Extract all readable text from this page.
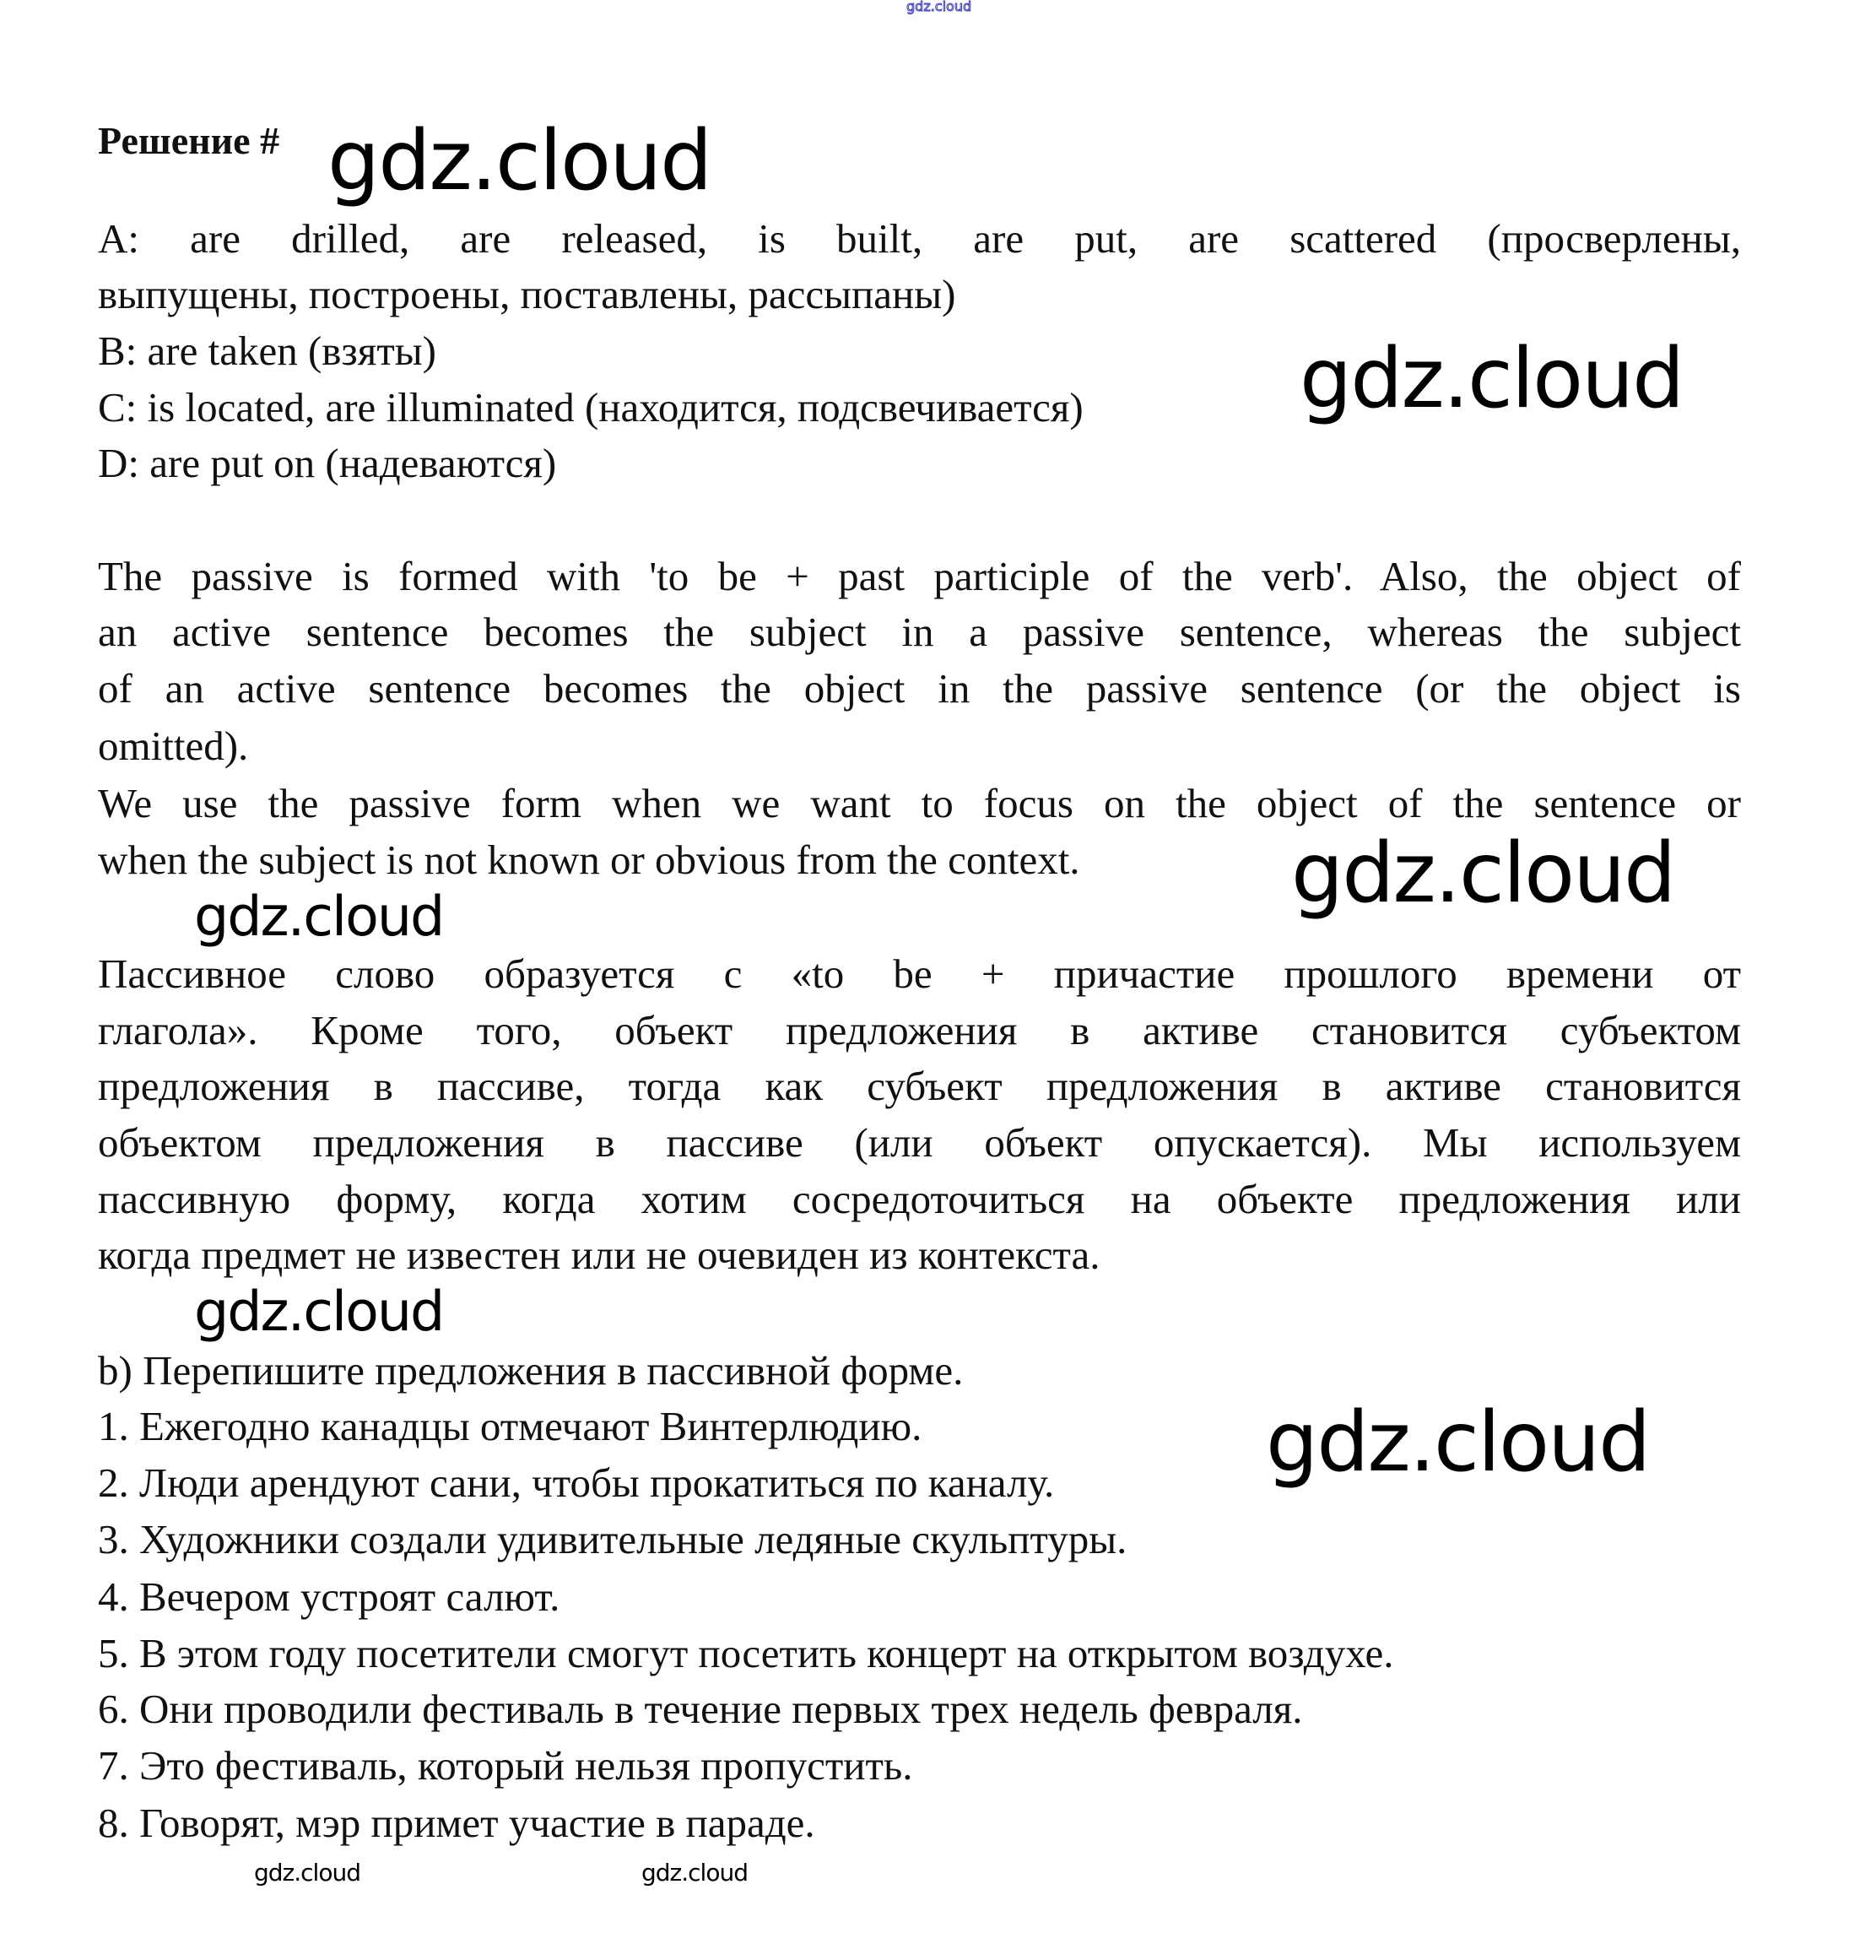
gdz.cloud
Решение #
A: are drilled, are released, is built, are put, are scattered (просверлены,
выпущены, построены, поставлены, рассыпаны)
B: are taken (взяты)
C: is located, are illuminated (находится, подсвечивается)
D: are put on (надеваются)
The passive is formed with 'to be + past participle of the verb'. Also, the object of
an active sentence becomes the subject in a passive sentence, whereas the subject
of an active sentence becomes the object in the passive sentence (or the object is
omitted).
We use the passive form when we want to focus on the object of the sentence or
when the subject is not known or obvious from the context.
Пассивное слово образуется с «to be + причастие прошлого времени от
глагола». Кроме того, объект предложения в активе становится субъектом
предложения в пассиве, тогда как субъект предложения в активе становится
объектом предложения в пассиве (или объект опускается). Мы используем
пассивную форму, когда хотим сосредоточиться на объекте предложения или
когда предмет не известен или не очевиден из контекста.
b) Перепишите предложения в пассивной форме.
1. Ежегодно канадцы отмечают Винтерлюдию.
2. Люди арендуют сани, чтобы прокатиться по каналу.
3. Художники создали удивительные ледяные скульптуры.
4. Вечером устроят салют.
5. В этом году посетители смогут посетить концерт на открытом воздухе.
6. Они проводили фестиваль в течение первых трех недель февраля.
7. Это фестиваль, который нельзя пропустить.
8. Говорят, мэр примет участие в параде.
gdz.cloud
gdz.cloud
gdz.cloud	gdz.cloud
gdz.cloud
gdz.cloud
gdz.cloud	gdz.cloud
